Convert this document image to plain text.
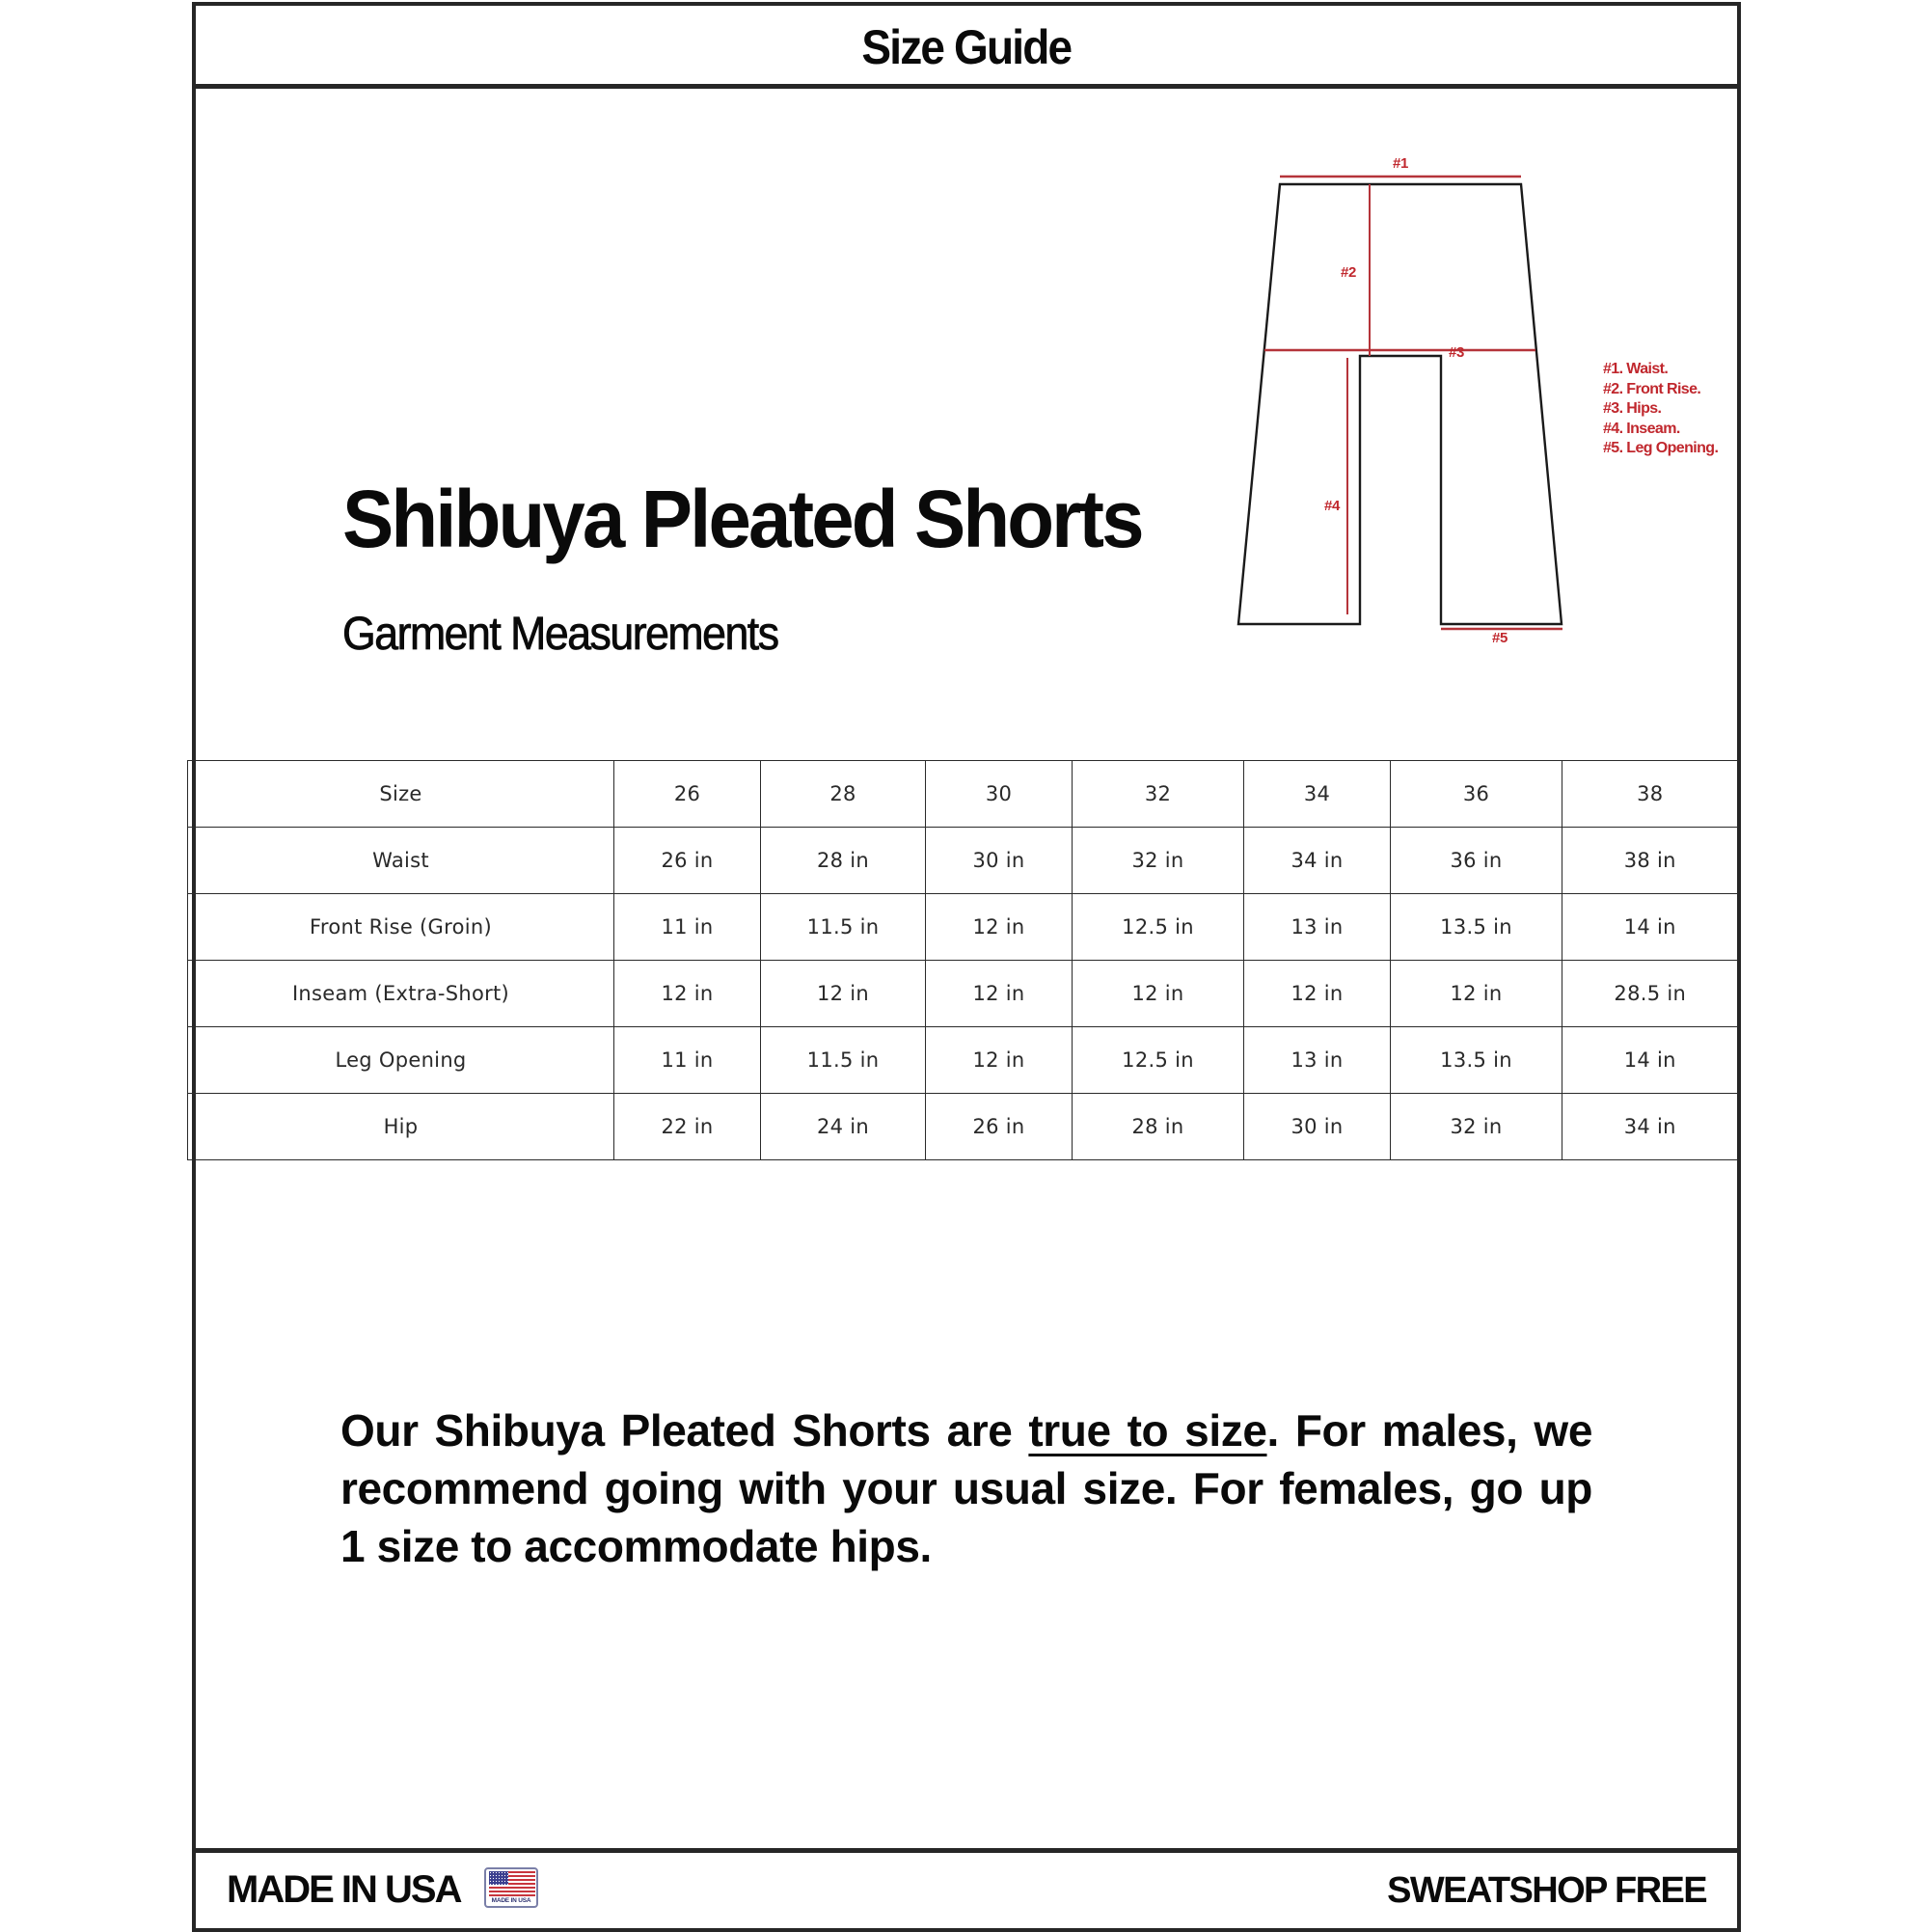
Size Guide
Shibuya Pleated Shorts
Garment Measurements
#1
#2
#3
#4
#5
#1. Waist.
#2. Front Rise.
#3. Hips.
#4. Inseam.
#5. Leg Opening.
Size	26	28	30	32	34	36	38
Waist	26 in	28 in	30 in	32 in	34 in	36 in	38 in
Front Rise (Groin)	11 in	11.5 in	12 in	12.5 in	13 in	13.5 in	14 in
Inseam (Extra-Short)	12 in	12 in	12 in	12 in	12 in	12 in	28.5 in
Leg Opening	11 in	11.5 in	12 in	12.5 in	13 in	13.5 in	14 in
Hip	22 in	24 in	26 in	28 in	30 in	32 in	34 in

Our Shibuya Pleated Shorts are true to size. For males, we recommend going with your usual size. For females, go up 1 size to accommodate hips.

MADE IN USA	MADE IN USA	SWEATSHOP FREE
